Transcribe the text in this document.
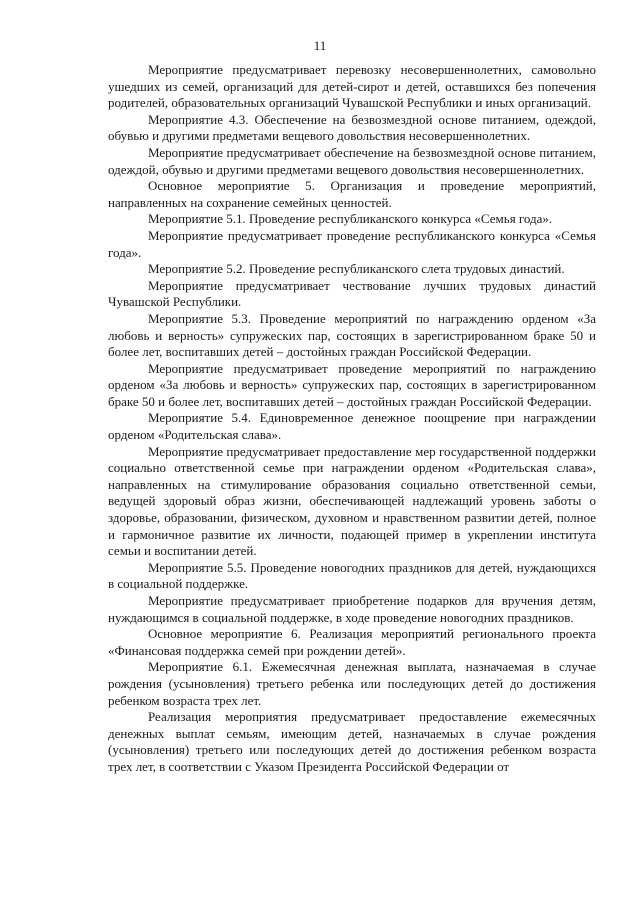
11

Мероприятие предусматривает перевозку несовершеннолетних, самовольно ушедших из семей, организаций для детей-сирот и детей, оставшихся без попечения родителей, образовательных организаций Чувашской Республики и иных организаций.

Мероприятие 4.3. Обеспечение на безвозмездной основе питанием, одеждой, обувью и другими предметами вещевого довольствия несовершеннолетних.

Мероприятие предусматривает обеспечение на безвозмездной основе питанием, одеждой, обувью и другими предметами вещевого довольствия несовершеннолетних.

Основное мероприятие 5. Организация и проведение мероприятий, направленных на сохранение семейных ценностей.

Мероприятие 5.1. Проведение республиканского конкурса «Семья года».

Мероприятие предусматривает проведение республиканского конкурса «Семья года».

Мероприятие 5.2. Проведение республиканского слета трудовых династий.

Мероприятие предусматривает чествование лучших трудовых династий Чувашской Республики.

Мероприятие 5.3. Проведение мероприятий по награждению орденом «За любовь и верность» супружеских пар, состоящих в зарегистрированном браке 50 и более лет, воспитавших детей – достойных граждан Российской Федерации.

Мероприятие предусматривает проведение мероприятий по награждению орденом «За любовь и верность» супружеских пар, состоящих в зарегистрированном браке 50 и более лет, воспитавших детей – достойных граждан Российской Федерации.

Мероприятие 5.4. Единовременное денежное поощрение при награждении орденом «Родительская слава».

Мероприятие предусматривает предоставление мер государственной поддержки социально ответственной семье при награждении орденом «Родительская слава», направленных на стимулирование образования социально ответственной семьи, ведущей здоровый образ жизни, обеспечивающей надлежащий уровень заботы о здоровье, образовании, физическом, духовном и нравственном развитии детей, полное и гармоничное развитие их личности, подающей пример в укреплении института семьи и воспитании детей.

Мероприятие 5.5. Проведение новогодних праздников для детей, нуждающихся в социальной поддержке.

Мероприятие предусматривает приобретение подарков для вручения детям, нуждающимся в социальной поддержке, в ходе проведение новогодних праздников.

Основное мероприятие 6. Реализация мероприятий регионального проекта «Финансовая поддержка семей при рождении детей».

Мероприятие 6.1. Ежемесячная денежная выплата, назначаемая в случае рождения (усыновления) третьего ребенка или последующих детей до достижения ребенком возраста трех лет.

Реализация мероприятия предусматривает предоставление ежемесячных денежных выплат семьям, имеющим детей, назначаемых в случае рождения (усыновления) третьего или последующих детей до достижения ребенком возраста трех лет, в соответствии с Указом Президента Российской Федерации от
